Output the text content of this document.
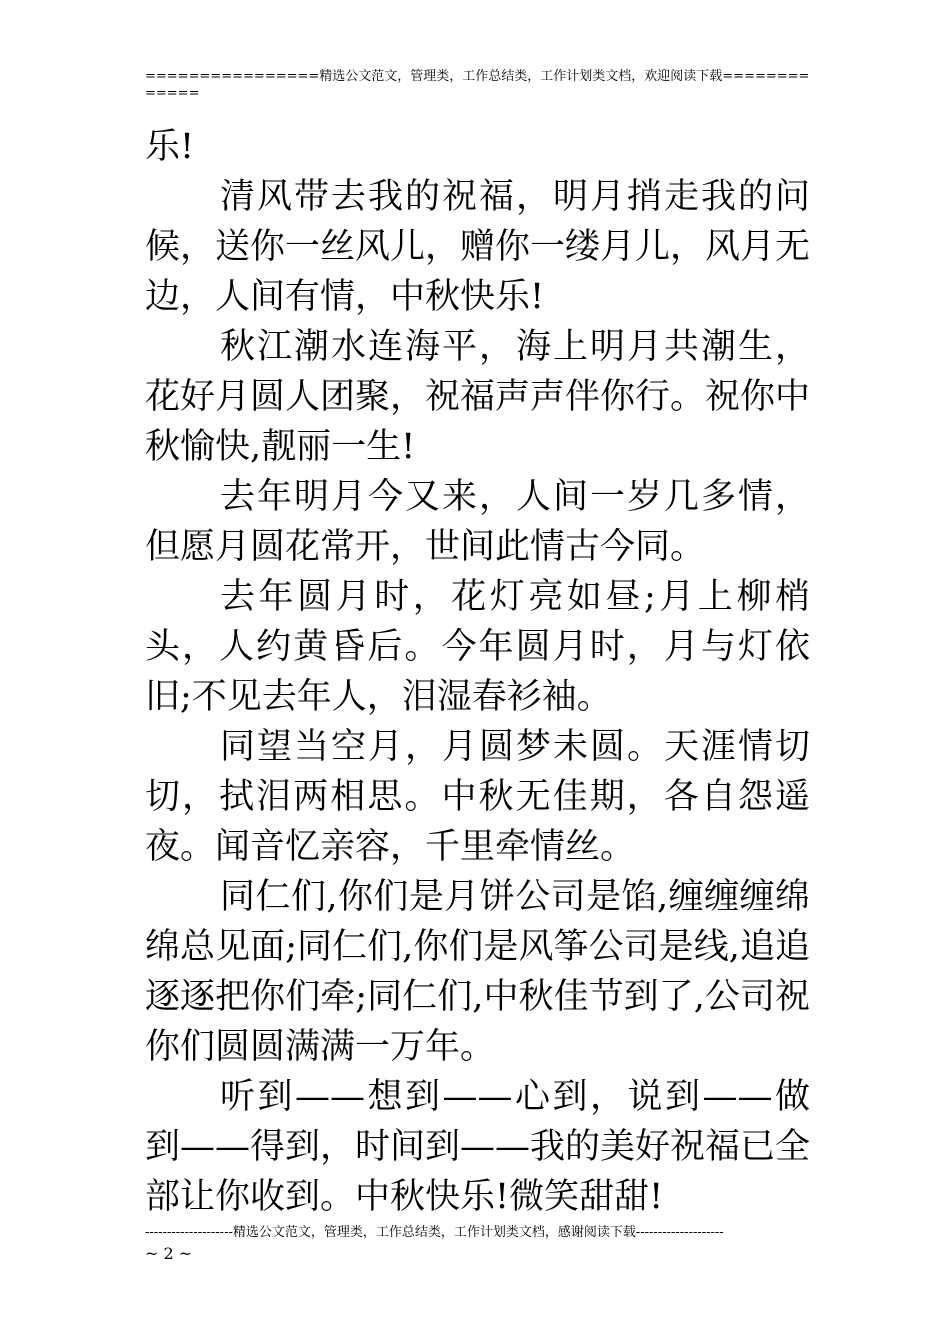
================精选公文范文，管理类，工作总结类，工作计划类文档，欢迎阅读下载=============

乐!

清风带去我的祝福，明月捎走我的问候，送你一丝风儿，赠你一缕月儿，风月无边，人间有情，中秋快乐!

秋江潮水连海平，海上明月共潮生，花好月圆人团聚，祝福声声伴你行。祝你中秋愉快,靓丽一生!

去年明月今又来，人间一岁几多情，但愿月圆花常开，世间此情古今同。

去年圆月时，花灯亮如昼;月上柳梢头，人约黄昏后。今年圆月时，月与灯依旧;不见去年人，泪湿春衫袖。

同望当空月，月圆梦未圆。天涯情切切，拭泪两相思。中秋无佳期，各自怨遥夜。闻音忆亲容，千里牵情丝。

同仁们,你们是月饼公司是馅,缠缠缠绵绵总见面;同仁们,你们是风筝公司是线,追追逐逐把你们牵;同仁们,中秋佳节到了,公司祝你们圆圆满满一万年。

听到——想到——心到，说到——做到——得到，时间到——我的美好祝福已全部让你收到。中秋快乐!微笑甜甜!

--------------------精选公文范文，管理类，工作总结类，工作计划类文档，感谢阅读下载--------------------
~ 2 ~
